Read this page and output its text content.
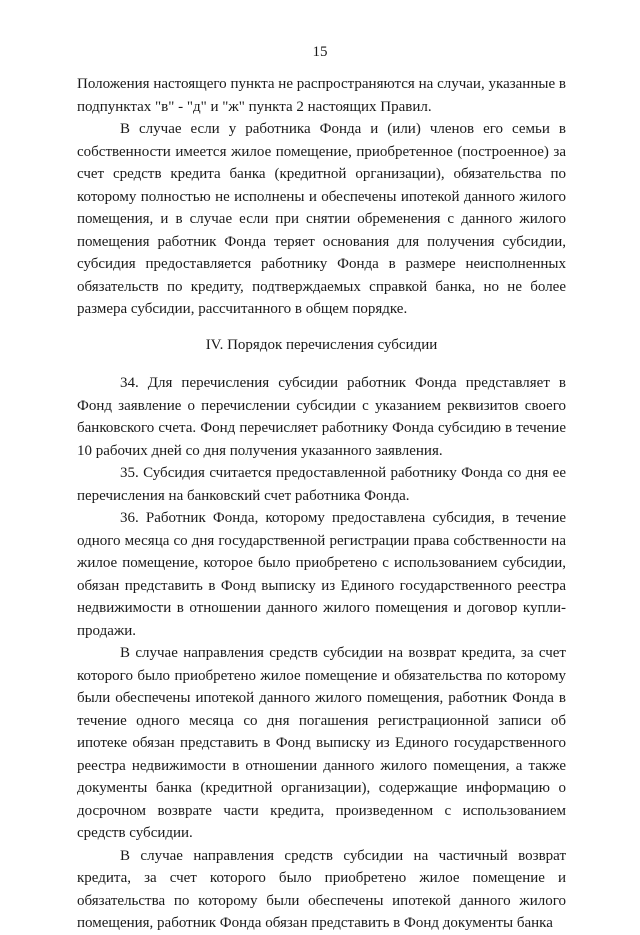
15

Положения настоящего пункта не распространяются на случаи, указанные в подпунктах "в" - "д" и "ж" пункта 2 настоящих Правил.

В случае если у работника Фонда и (или) членов его семьи в собственности имеется жилое помещение, приобретенное (построенное) за счет средств кредита банка (кредитной организации), обязательства по которому полностью не исполнены и обеспечены ипотекой данного жилого помещения, и в случае если при снятии обременения с данного жилого помещения работник Фонда теряет основания для получения субсидии, субсидия предоставляется работнику Фонда в размере неисполненных обязательств по кредиту, подтверждаемых справкой банка, но не более размера субсидии, рассчитанного в общем порядке.

IV. Порядок перечисления субсидии

34. Для перечисления субсидии работник Фонда представляет в Фонд заявление о перечислении субсидии с указанием реквизитов своего банковского счета. Фонд перечисляет работнику Фонда субсидию в течение 10 рабочих дней со дня получения указанного заявления.

35. Субсидия считается предоставленной работнику Фонда со дня ее перечисления на банковский счет работника Фонда.

36. Работник Фонда, которому предоставлена субсидия, в течение одного месяца со дня государственной регистрации права собственности на жилое помещение, которое было приобретено с использованием субсидии, обязан представить в Фонд выписку из Единого государственного реестра недвижимости в отношении данного жилого помещения и договор купли-продажи.

В случае направления средств субсидии на возврат кредита, за счет которого было приобретено жилое помещение и обязательства по которому были обеспечены ипотекой данного жилого помещения, работник Фонда в течение одного месяца со дня погашения регистрационной записи об ипотеке обязан представить в Фонд выписку из Единого государственного реестра недвижимости в отношении данного жилого помещения, а также документы банка (кредитной организации), содержащие информацию о досрочном возврате части кредита, произведенном с использованием средств субсидии.

В случае направления средств субсидии на частичный возврат кредита, за счет которого было приобретено жилое помещение и обязательства по которому были обеспечены ипотекой данного жилого помещения, работник Фонда обязан представить в Фонд документы банка
